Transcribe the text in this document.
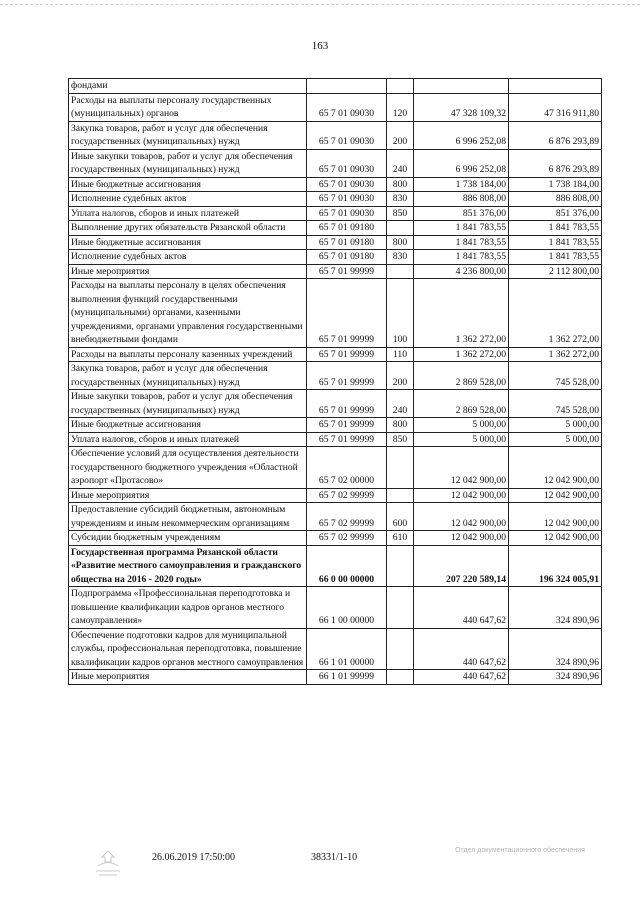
163
фондами				
Расходы на выплаты персоналу государственных (муниципальных) органов	65 7 01 09030	120	47 328 109,32	47 316 911,80
Закупка товаров, работ и услуг для обеспечения государственных (муниципальных) нужд	65 7 01 09030	200	6 996 252,08	6 876 293,89
Иные закупки товаров, работ и услуг для обеспечения государственных (муниципальных) нужд	65 7 01 09030	240	6 996 252,08	6 876 293,89
Иные бюджетные ассигнования	65 7 01 09030	800	1 738 184,00	1 738 184,00
Исполнение судебных актов	65 7 01 09030	830	886 808,00	886 808,00
Уплата налогов, сборов и иных платежей	65 7 01 09030	850	851 376,00	851 376,00
Выполнение других обязательств Рязанской области	65 7 01 09180		1 841 783,55	1 841 783,55
Иные бюджетные ассигнования	65 7 01 09180	800	1 841 783,55	1 841 783,55
Исполнение судебных актов	65 7 01 09180	830	1 841 783,55	1 841 783,55
Иные мероприятия	65 7 01 99999		4 236 800,00	2 112 800,00
Расходы на выплаты персоналу в целях обеспечения выполнения функций государственными (муниципальными) органами, казенными учреждениями, органами управления государственными внебюджетными фондами	65 7 01 99999	100	1 362 272,00	1 362 272,00
Расходы на выплаты персоналу казенных учреждений	65 7 01 99999	110	1 362 272,00	1 362 272,00
Закупка товаров, работ и услуг для обеспечения государственных (муниципальных) нужд	65 7 01 99999	200	2 869 528,00	745 528,00
Иные закупки товаров, работ и услуг для обеспечения государственных (муниципальных) нужд	65 7 01 99999	240	2 869 528,00	745 528,00
Иные бюджетные ассигнования	65 7 01 99999	800	5 000,00	5 000,00
Уплата налогов, сборов и иных платежей	65 7 01 99999	850	5 000,00	5 000,00
Обеспечение условий для осуществления деятельности государственного бюджетного учреждения «Областной аэропорт «Протасово»	65 7 02 00000		12 042 900,00	12 042 900,00
Иные мероприятия	65 7 02 99999		12 042 900,00	12 042 900,00
Предоставление субсидий бюджетным, автономным учреждениям и иным некоммерческим организациям	65 7 02 99999	600	12 042 900,00	12 042 900,00
Субсидии бюджетным учреждениям	65 7 02 99999	610	12 042 900,00	12 042 900,00
Государственная программа Рязанской области «Развитие местного самоуправления и гражданского общества на 2016 - 2020 годы»	66 0 00 00000		207 220 589,14	196 324 005,91
Подпрограмма «Профессиональная переподготовка и повышение квалификации кадров органов местного самоуправления»	66 1 00 00000		440 647,62	324 890,96
Обеспечение подготовки кадров для муниципальной службы, профессиональная переподготовка, повышение квалификации кадров органов местного самоуправления	66 1 01 00000		440 647,62	324 890,96
Иные мероприятия	66 1 01 99999		440 647,62	324 890,96
26.06.2019 17:50:00	38331/1-10
Отдел документационного обеспечения
